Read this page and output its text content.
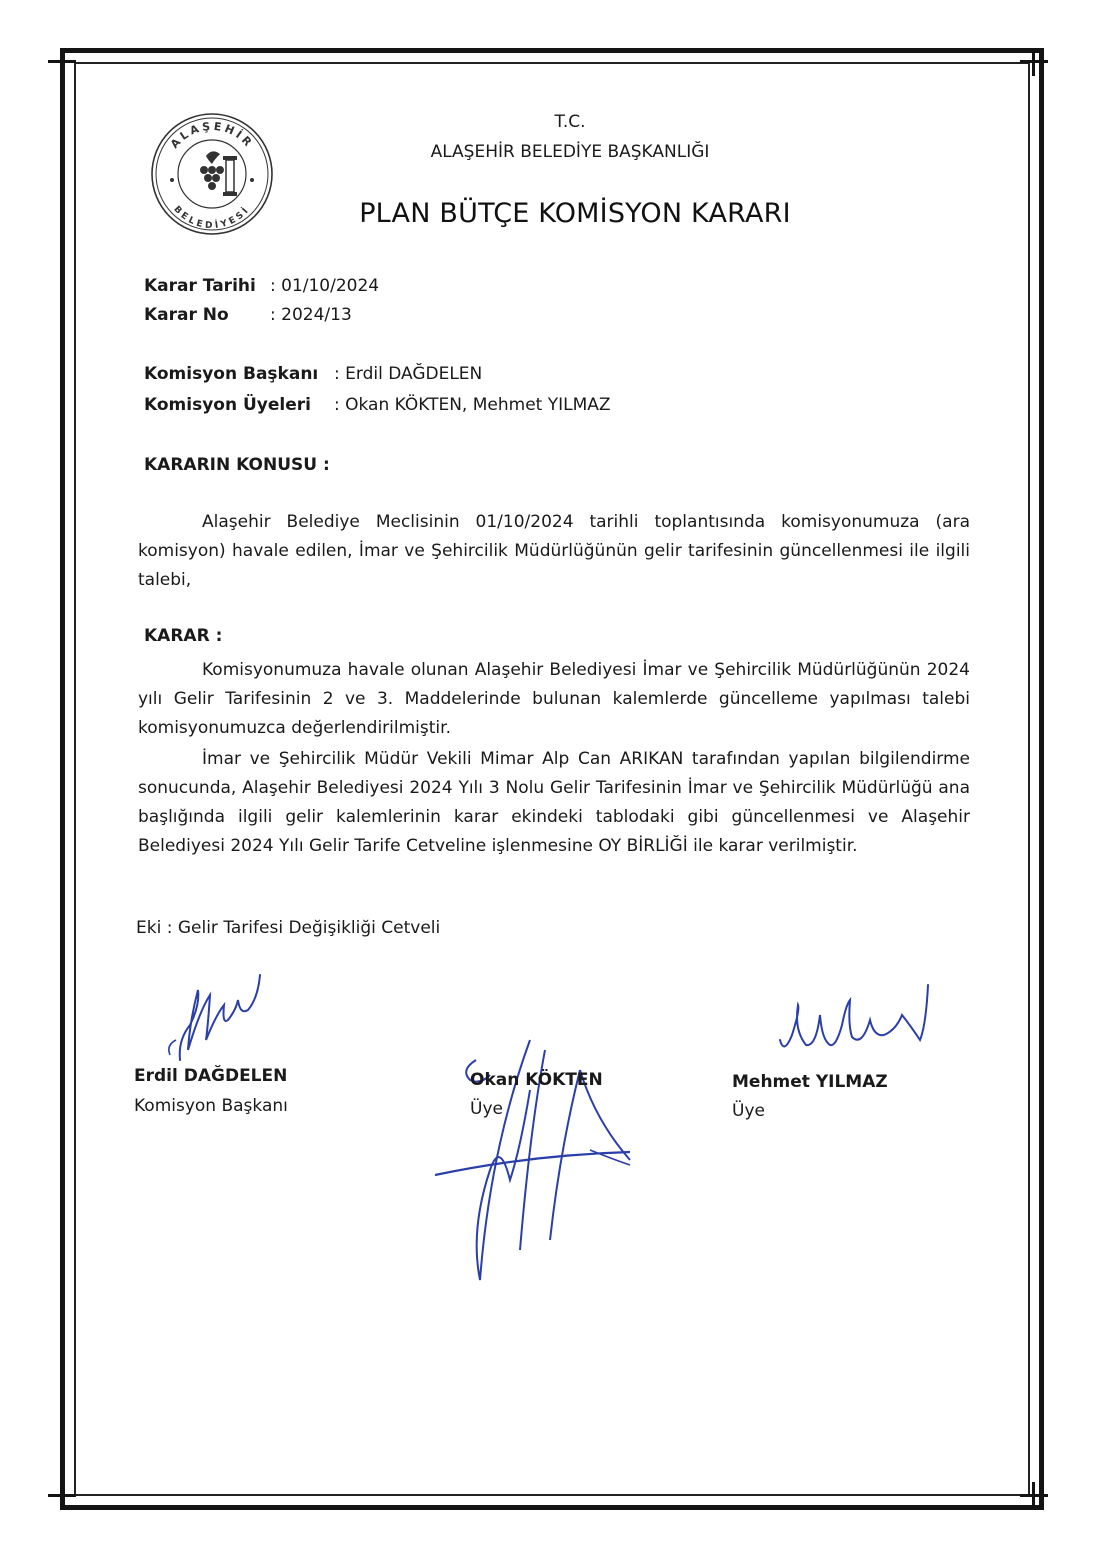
ALAŞEHİR
BELEDİYESİ
T.C.
ALAŞEHİR BELEDİYE BAŞKANLIĞI
PLAN BÜTÇE KOMİSYON KARARI
Karar Tarihi : 01/10/2024
Karar No : 2024/13
Komisyon Başkanı : Erdil DAĞDELEN
Komisyon Üyeleri : Okan KÖKTEN, Mehmet YILMAZ
KARARIN KONUSU :

Alaşehir Belediye Meclisinin 01/10/2024 tarihli toplantısında komisyonumuza (ara komisyon) havale edilen, İmar ve Şehircilik Müdürlüğünün gelir tarifesinin güncellenmesi ile ilgili talebi,

KARAR :

Komisyonumuza havale olunan Alaşehir Belediyesi İmar ve Şehircilik Müdürlüğünün 2024 yılı Gelir Tarifesinin 2 ve 3. Maddelerinde bulunan kalemlerde güncelleme yapılması talebi komisyonumuzca değerlendirilmiştir.

İmar ve Şehircilik Müdür Vekili Mimar Alp Can ARIKAN tarafından yapılan bilgilendirme sonucunda, Alaşehir Belediyesi 2024 Yılı 3 Nolu Gelir Tarifesinin İmar ve Şehircilik Müdürlüğü ana başlığında ilgili gelir kalemlerinin karar ekindeki tablodaki gibi güncellenmesi ve Alaşehir Belediyesi 2024 Yılı Gelir Tarife Cetveline işlenmesine OY BİRLİĞİ ile karar verilmiştir.

Eki : Gelir Tarifesi Değişikliği Cetveli
Erdil DAĞDELEN
Komisyon Başkanı
Okan KÖKTEN
Üye
Mehmet YILMAZ
Üye
